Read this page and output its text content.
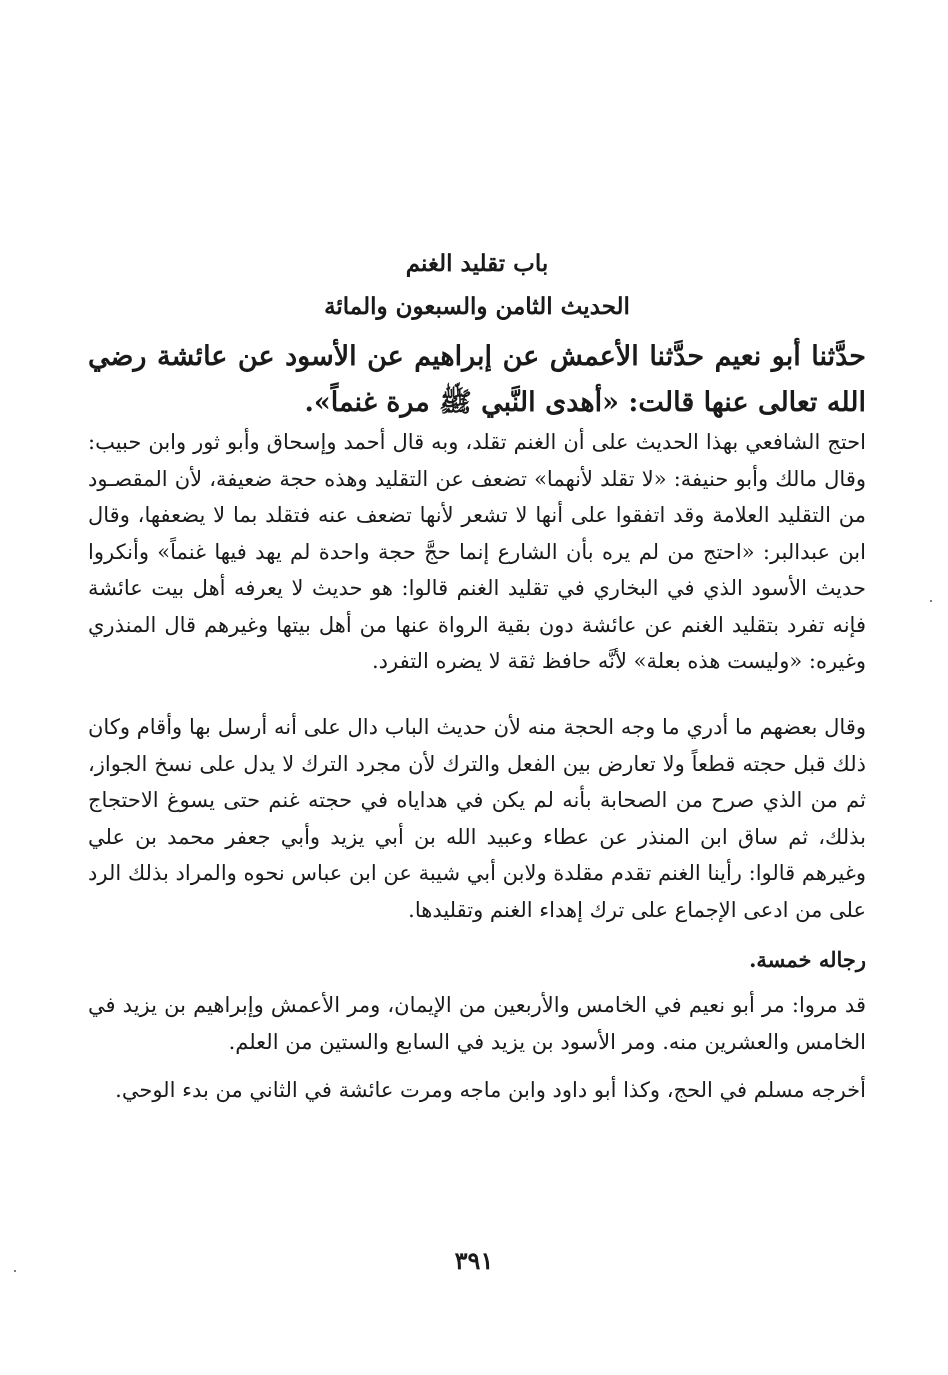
باب تقليد الغنم
الحديث الثامن والسبعون والمائة
حدَّثنا أبو نعيم حدَّثنا الأعمش عن إبراهيم عن الأسود عن عائشة رضي الله تعالى عنها قالت: «أهدى النَّبي ﷺ مرة غنماً».
احتج الشافعي بهذا الحديث على أن الغنم تقلد، وبه قال أحمد وإسحاق وأبو ثور وابن حبيب: وقال مالك وأبو حنيفة: «لا تقلد لأنهما» تضعف عن التقليد وهذه حجة ضعيفة، لأن المقصـود من التقليد العلامة وقد اتفقوا على أنها لا تشعر لأنها تضعف عنه فتقلد بما لا يضعفها، وقال ابن عبدالبر: «احتج من لم يره بأن الشارع إنما حجَّ حجة واحدة لم يهد فيها غنماً» وأنكروا حديث الأسود الذي في البخاري في تقليد الغنم قالوا: هو حديث لا يعرفه أهل بيت عائشة فإنه تفرد بتقليد الغنم عن عائشة دون بقية الرواة عنها من أهل بيتها وغيرهم قال المنذري وغيره: «وليست هذه بعلة» لأنَّه حافظ ثقة لا يضره التفرد.
وقال بعضهم ما أدري ما وجه الحجة منه لأن حديث الباب دال على أنه أرسل بها وأقام وكان ذلك قبل حجته قطعاً ولا تعارض بين الفعل والترك لأن مجرد الترك لا يدل على نسخ الجواز، ثم من الذي صرح من الصحابة بأنه لم يكن في هداياه في حجته غنم حتى يسوغ الاحتجاج بذلك، ثم ساق ابن المنذر عن عطاء وعبيد الله بن أبي يزيد وأبي جعفر محمد بن علي وغيرهم قالوا: رأينا الغنم تقدم مقلدة ولابن أبي شيبة عن ابن عباس نحوه والمراد بذلك الرد على من ادعى الإجماع على ترك إهداء الغنم وتقليدها.
رجاله خمسة.
قد مروا: مر أبو نعيم في الخامس والأربعين من الإيمان، ومر الأعمش وإبراهيم بن يزيد في الخامس والعشرين منه. ومر الأسود بن يزيد في السابع والستين من العلم.
أخرجه مسلم في الحج، وكذا أبو داود وابن ماجه ومرت عائشة في الثاني من بدء الوحي.
٣٩١
